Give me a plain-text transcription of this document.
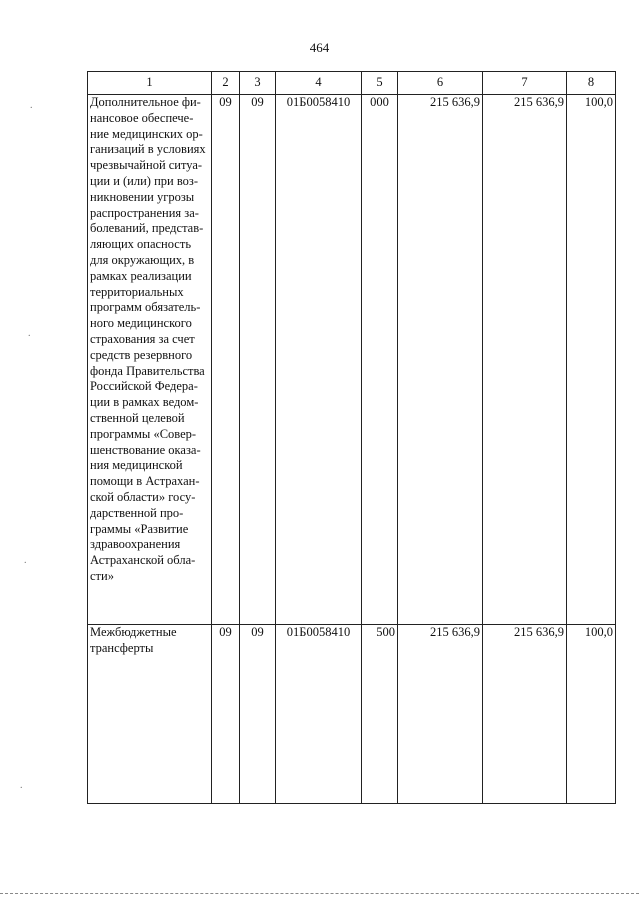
464
1	2	3	4	5	6	7	8
Дополнительное фи-нансовое обеспече-ние медицинских ор-ганизаций в условиях чрезвычайной ситуа-ции и (или) при воз-никновении угрозы распространения за-болеваний, представ-ляющих опасность для окружающих, в рамках реализации территориальных программ обязатель-ного медицинского страхования за счет средств резервного фонда Правительства Российской Федера-ции в рамках ведом-ственной целевой программы «Совер-шенствование оказа-ния медицинской помощи в Астрахан-ской области» госу-дарственной про-граммы «Развитие здравоохранения Астраханской обла-сти»	09	09	01Б0058410	000	215 636,9	215 636,9	100,0
Межбюджетные трансферты	09	09	01Б0058410	500	215 636,9	215 636,9	100,0
.
.
.
.
